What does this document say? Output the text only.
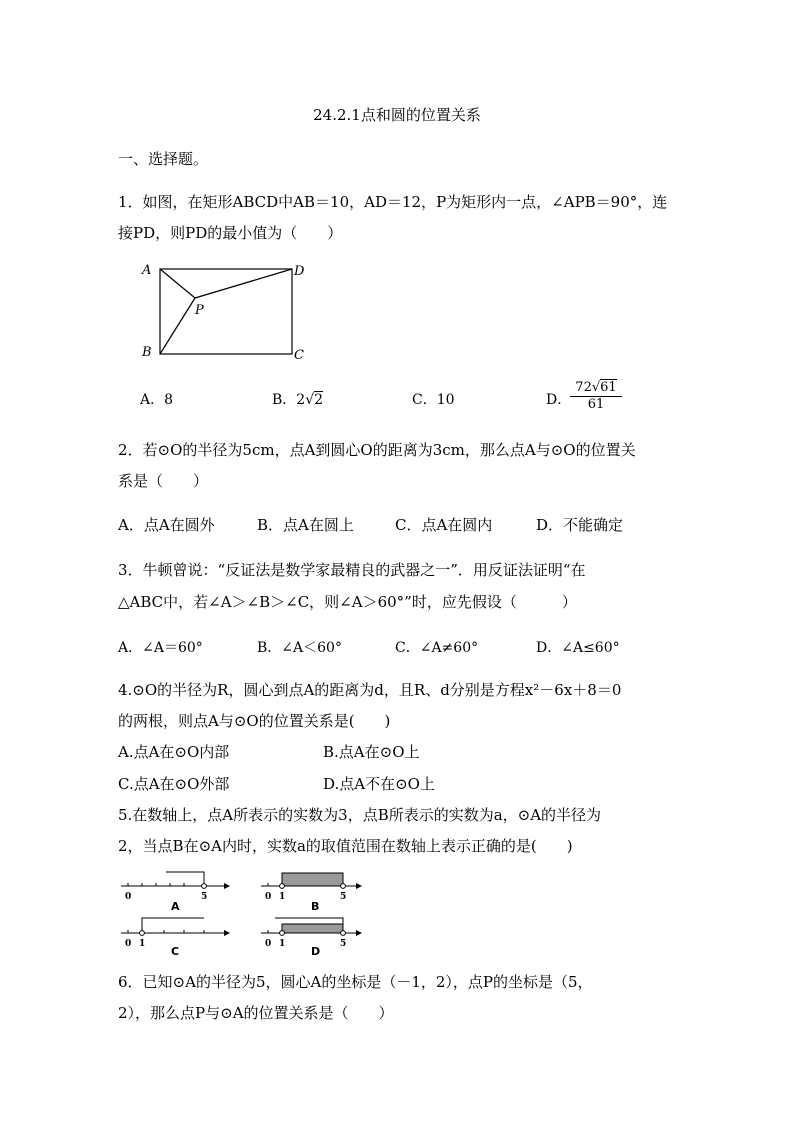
24.2.1点和圆的位置关系
一、选择题。
1．如图，在矩形ABCD中AB＝10，AD＝12，P为矩形内一点，∠APB＝90°，连
接PD，则PD的最小值为（　　）
A	D
P
B	C
A．8	B．2√2	C．10	D．
$\frac{72√61}{61}$
2．若⊙O的半径为5cm，点A到圆心O的距离为3cm，那么点A与⊙O的位置关
系是（　　）
A．点A在圆外	B．点A在圆上	C．点A在圆内	D．不能确定
3．牛顿曾说：“反证法是数学家最精良的武器之一”．用反证法证明“在
△ABC中，若∠A＞∠B＞∠C，则∠A＞60°”时，应先假设（　　　）
A．∠A＝60°	B．∠A＜60°	C．∠A≠60°	D．∠A≤60°
4.⊙O的半径为R，圆心到点A的距离为d，且R、d分别是方程x²－6x＋8＝0
的两根，则点A与⊙O的位置关系是(　　)
A.点A在⊙O内部	B.点A在⊙O上
C.点A在⊙O外部	D.点A不在⊙O上
5.在数轴上，点A所表示的实数为3，点B所表示的实数为a，⊙A的半径为
2，当点B在⊙A内时，实数a的取值范围在数轴上表示正确的是(　　)
0	5
A
0 1	5
B
0 1
C
0 1	5
D
6．已知⊙A的半径为5，圆心A的坐标是（－1，2），点P的坐标是（5，
2），那么点P与⊙A的位置关系是（　　）
